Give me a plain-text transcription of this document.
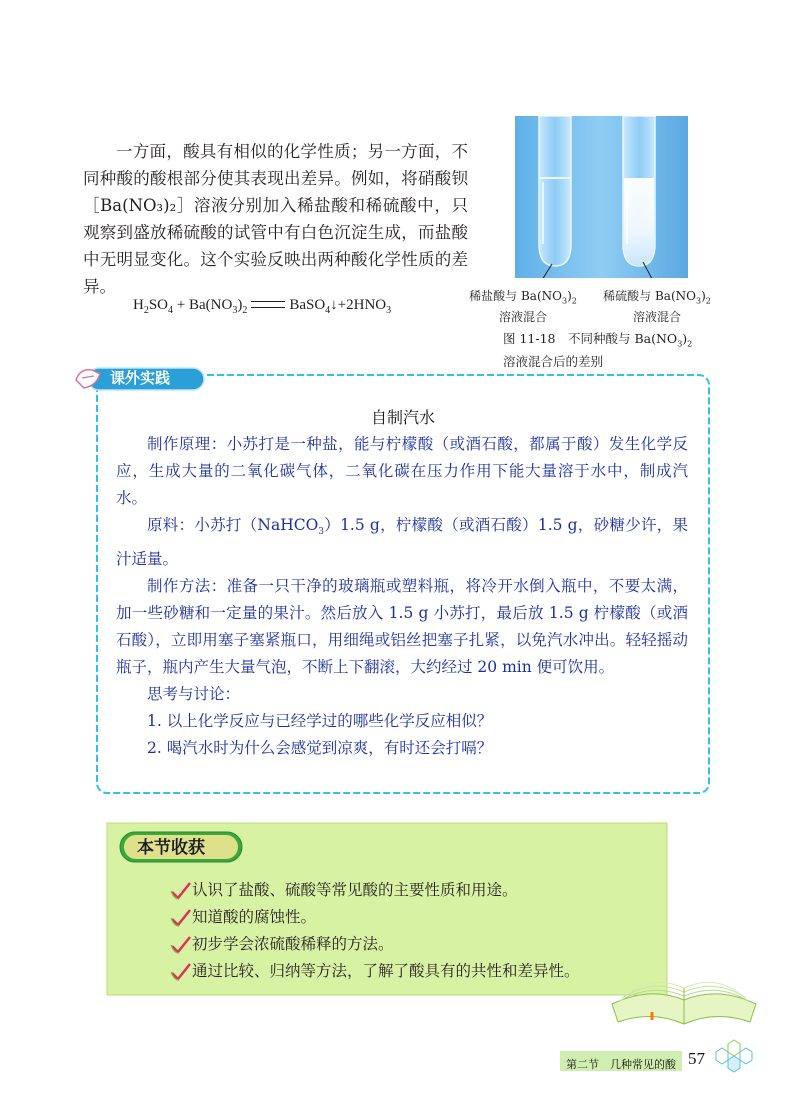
一方面，酸具有相似的化学性质；另一方面，不同种酸的酸根部分使其表现出差异。例如，将硝酸钡［Ba(NO₃)₂］溶液分别加入稀盐酸和稀硫酸中，只观察到盛放稀硫酸的试管中有白色沉淀生成，而盐酸中无明显变化。这个实验反映出两种酸化学性质的差异。

$H_2SO_4 + Ba(NO_3)_2$	$BaSO_4↓+2HNO_3$
稀盐酸与 $Ba(NO_3)_2$
溶液混合
稀硫酸与 $Ba(NO_3)_2$
溶液混合
图 11-18　不同种酸与 $Ba(NO_3)_2$
溶液混合后的差别
课外实践
自制汽水

制作原理：小苏打是一种盐，能与柠檬酸（或酒石酸，都属于酸）发生化学反应，生成大量的二氧化碳气体，二氧化碳在压力作用下能大量溶于水中，制成汽水。

原料：小苏打（NaHCO$_3$）1.5 g，柠檬酸（或酒石酸）1.5 g，砂糖少许，果汁适量。

制作方法：准备一只干净的玻璃瓶或塑料瓶，将冷开水倒入瓶中，不要太满，加一些砂糖和一定量的果汁。然后放入 1.5 g 小苏打，最后放 1.5 g 柠檬酸（或酒石酸），立即用塞子塞紧瓶口，用细绳或铝丝把塞子扎紧，以免汽水冲出。轻轻摇动瓶子，瓶内产生大量气泡，不断上下翻滚，大约经过 20 min 便可饮用。

思考与讨论：

1. 以上化学反应与已经学过的哪些化学反应相似？

2. 喝汽水时为什么会感觉到凉爽，有时还会打嗝？

本节收获
认识了盐酸、硫酸等常见酸的主要性质和用途。
知道酸的腐蚀性。
初步学会浓硫酸稀释的方法。
通过比较、归纳等方法，了解了酸具有的共性和差异性。
第二节　几种常见的酸 57
